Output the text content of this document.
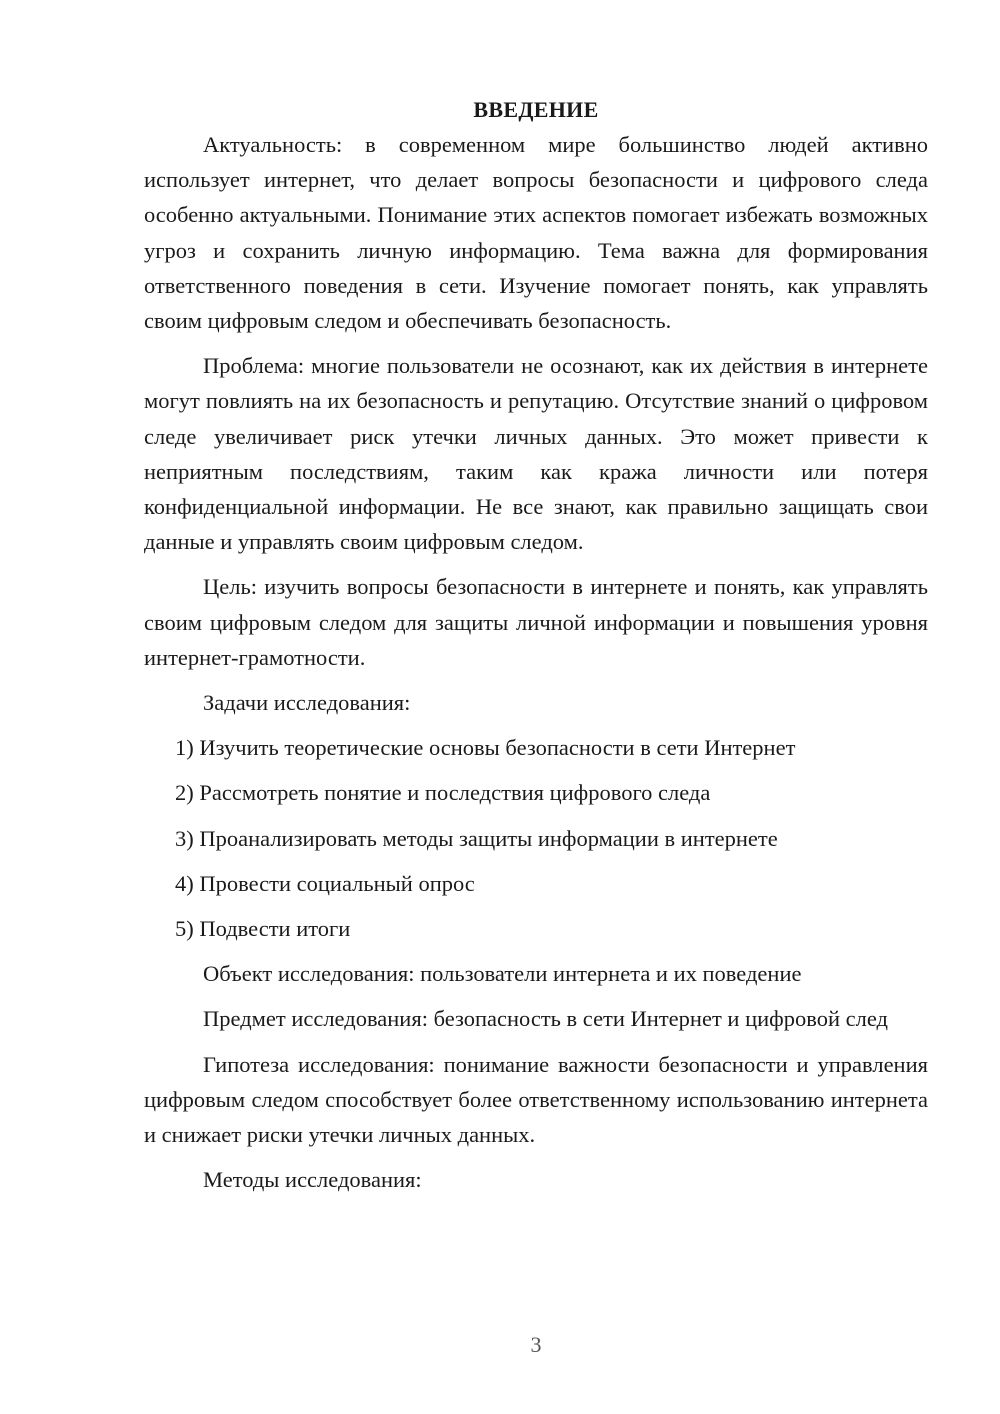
ВВЕДЕНИЕ

Актуальность: в современном мире большинство людей активно использует интернет, что делает вопросы безопасности и цифрового следа особенно актуальными. Понимание этих аспектов помогает избежать возможных угроз и сохранить личную информацию. Тема важна для формирования ответственного поведения в сети. Изучение помогает понять, как управлять своим цифровым следом и обеспечивать безопасность.

Проблема: многие пользователи не осознают, как их действия в интернете могут повлиять на их безопасность и репутацию. Отсутствие знаний о цифровом следе увеличивает риск утечки личных данных. Это может привести к неприятным последствиям, таким как кража личности или потеря конфиденциальной информации. Не все знают, как правильно защищать свои данные и управлять своим цифровым следом.

Цель: изучить вопросы безопасности в интернете и понять, как управлять своим цифровым следом для защиты личной информации и повышения уровня интернет-грамотности.

Задачи исследования:

1) Изучить теоретические основы безопасности в сети Интернет

2) Рассмотреть понятие и последствия цифрового следа

3) Проанализировать методы защиты информации в интернете

4) Провести социальный опрос

5) Подвести итоги

Объект исследования: пользователи интернета и их поведение

Предмет исследования: безопасность в сети Интернет и цифровой след

Гипотеза исследования: понимание важности безопасности и управления цифровым следом способствует более ответственному использованию интернета и снижает риски утечки личных данных.

Методы исследования:

3
